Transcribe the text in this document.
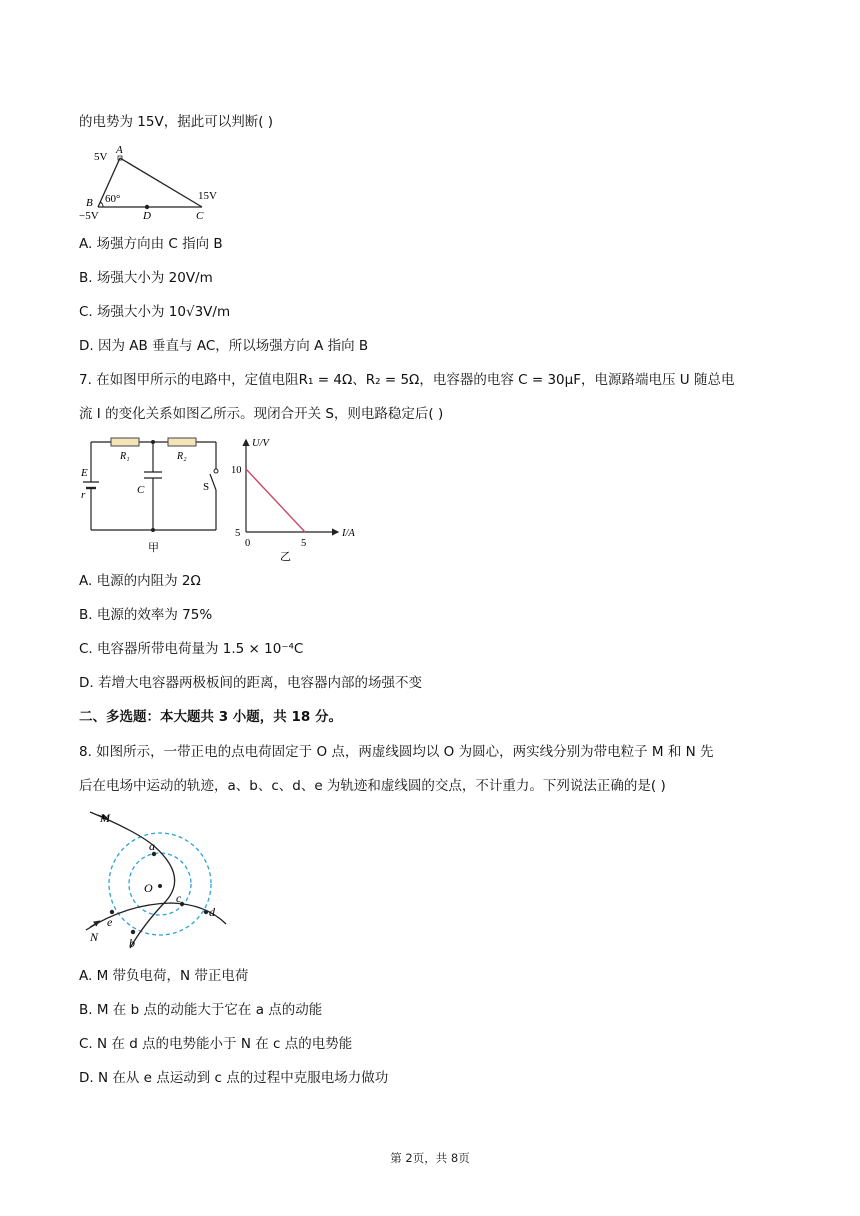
的电势为 15V，据此可以判断( )
5V
A
B
−5V
60°
D	C
15V
A. 场强方向由 C 指向 B
B. 场强大小为 20V/m
C. 场强大小为 10√3V/m
D. 因为 AB 垂直与 AC，所以场强方向 A 指向 B
7. 在如图甲所示的电路中，定值电阻R₁ = 4Ω、R₂ = 5Ω，电容器的电容 C = 30μF，电源路端电压 U 随总电
流 I 的变化关系如图乙所示。现闭合开关 S，则电路稳定后( )
R₁	R₂
E
r	C	S
甲
U/V
I/A
10
5
0	5
乙
A. 电源的内阻为 2Ω
B. 电源的效率为 75%
C. 电容器所带电荷量为 1.5 × 10⁻⁴C
D. 若增大电容器两极板间的距离，电容器内部的场强不变
二、多选题：本大题共 3 小题，共 18 分。
8. 如图所示，一带正电的点电荷固定于 O 点，两虚线圆均以 O 为圆心，两实线分别为带电粒子 M 和 N 先
后在电场中运动的轨迹，a、b、c、d、e 为轨迹和虚线圆的交点，不计重力。下列说法正确的是( )
M
N
O
a
b
c
d
e
A. M 带负电荷，N 带正电荷
B. M 在 b 点的动能大于它在 a 点的动能
C. N 在 d 点的电势能小于 N 在 c 点的电势能
D. N 在从 e 点运动到 c 点的过程中克服电场力做功
第 2页，共 8页
